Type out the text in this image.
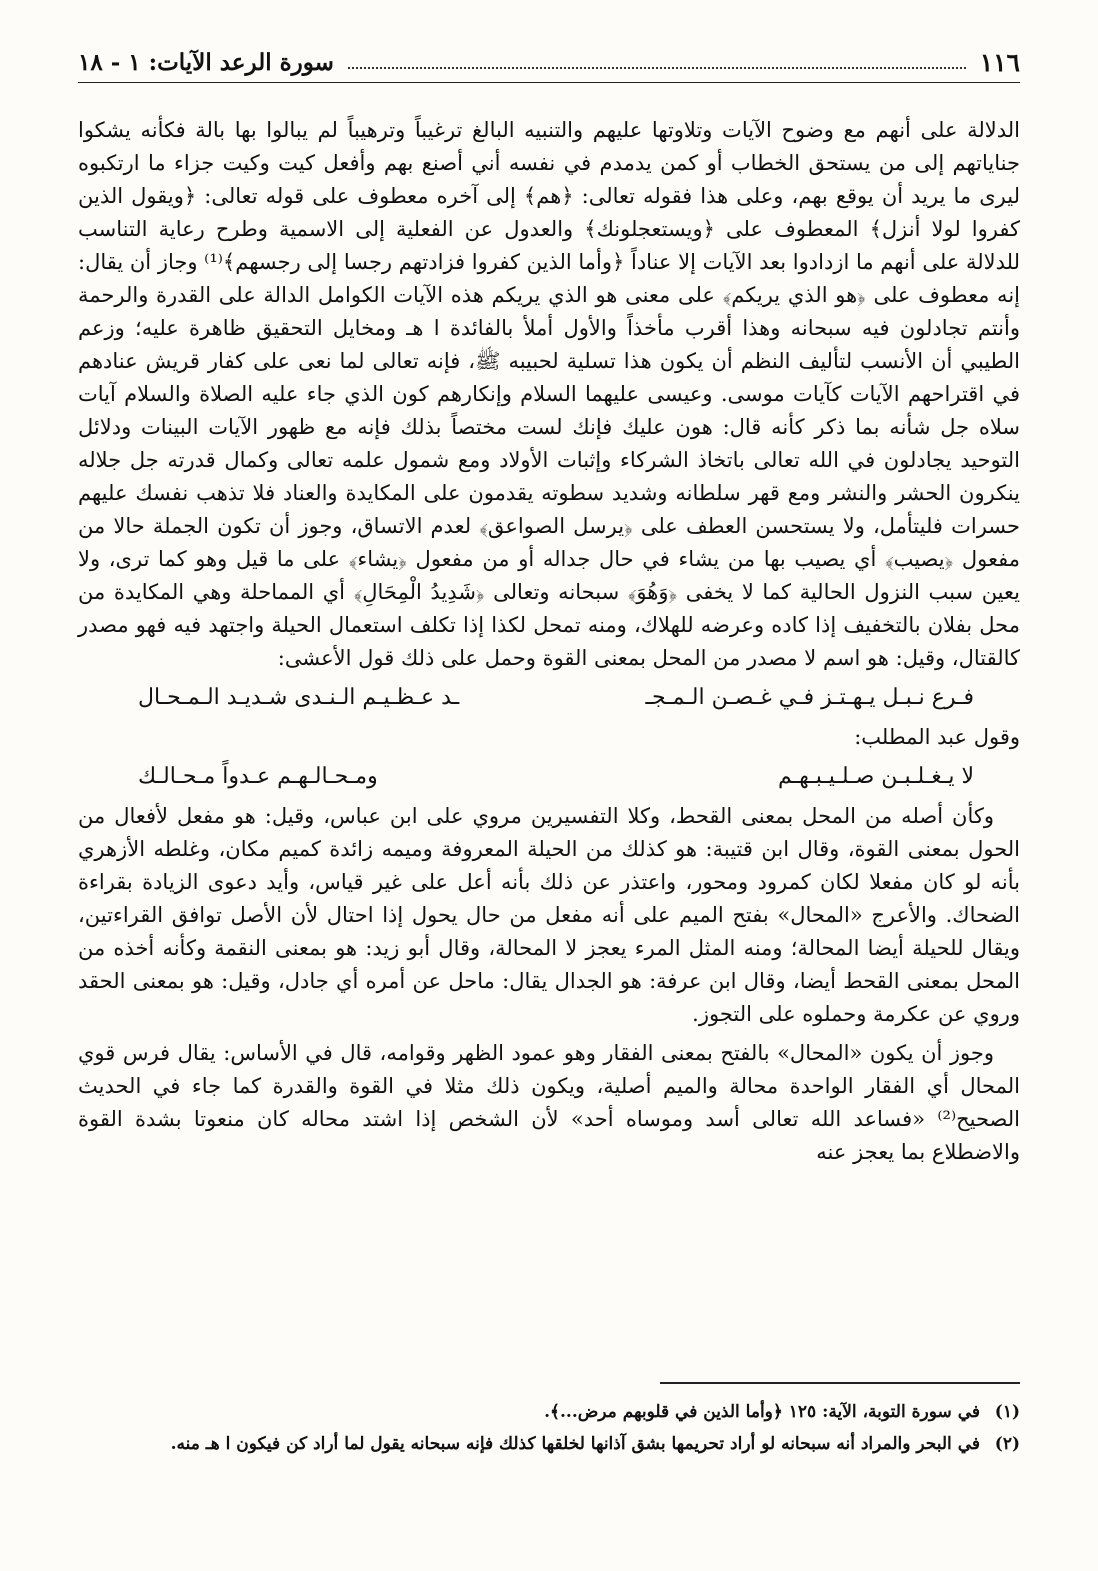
١١٦
سورة الرعد الآيات: ١ - ١٨

الدلالة على أنهم مع وضوح الآيات وتلاوتها عليهم والتنبيه البالغ ترغيباً وترهيباً لم يبالوا بها بالة فكأنه يشكوا جناياتهم إلى من يستحق الخطاب أو كمن يدمدم في نفسه أني أصنع بهم وأفعل كيت وكيت جزاء ما ارتكبوه ليرى ما يريد أن يوقع بهم، وعلى هذا فقوله تعالى: ﴿هم﴾ إلى آخره معطوف على قوله تعالى: ﴿ويقول الذين كفروا لولا أنزل﴾ المعطوف على ﴿ويستعجلونك﴾ والعدول عن الفعلية إلى الاسمية وطرح رعاية التناسب للدلالة على أنهم ما ازدادوا بعد الآيات إلا عناداً ﴿وأما الذين كفروا فزادتهم رجسا إلى رجسهم﴾⁽¹⁾ وجاز أن يقال: إنه معطوف على ﴿هو الذي يريكم﴾ على معنى هو الذي يريكم هذه الآيات الكوامل الدالة على القدرة والرحمة وأنتم تجادلون فيه سبحانه وهذا أقرب مأخذاً والأول أملأ بالفائدة ا هـ ومخايل التحقيق ظاهرة عليه؛ وزعم الطيبي أن الأنسب لتأليف النظم أن يكون هذا تسلية لحبيبه ﷺ، فإنه تعالى لما نعى على كفار قريش عنادهم في اقتراحهم الآيات كآيات موسى. وعيسى عليهما السلام وإنكارهم كون الذي جاء عليه الصلاة والسلام آيات سلاه جل شأنه بما ذكر كأنه قال: هون عليك فإنك لست مختصاً بذلك فإنه مع ظهور الآيات البينات ودلائل التوحيد يجادلون في الله تعالى باتخاذ الشركاء وإثبات الأولاد ومع شمول علمه تعالى وكمال قدرته جل جلاله ينكرون الحشر والنشر ومع قهر سلطانه وشديد سطوته يقدمون على المكايدة والعناد فلا تذهب نفسك عليهم حسرات فليتأمل، ولا يستحسن العطف على ﴿يرسل الصواعق﴾ لعدم الاتساق، وجوز أن تكون الجملة حالا من مفعول ﴿يصيب﴾ أي يصيب بها من يشاء في حال جداله أو من مفعول ﴿يشاء﴾ على ما قيل وهو كما ترى، ولا يعين سبب النزول الحالية كما لا يخفى ﴿وَهُوَ﴾ سبحانه وتعالى ﴿شَدِيدُ الْمِحَالِ﴾ أي المماحلة وهي المكايدة من محل بفلان بالتخفيف إذا كاده وعرضه للهلاك، ومنه تمحل لكذا إذا تكلف استعمال الحيلة واجتهد فيه فهو مصدر كالقتال، وقيل: هو اسم لا مصدر من المحل بمعنى القوة وحمل على ذلك قول الأعشى:

فـرع نـبـل يـهـتـز فـي غـصـن الـمـجـ
ـد عـظـيـم الـنـدى شـديـد الـمـحـال

وقول عبد المطلب:

لا يـغـلـبـن صـلـيـبـهـم
ومـحـالـهـم عـدواً مـحـالـك

وكأن أصله من المحل بمعنى القحط، وكلا التفسيرين مروي على ابن عباس، وقيل: هو مفعل لأفعال من الحول بمعنى القوة، وقال ابن قتيبة: هو كذلك من الحيلة المعروفة وميمه زائدة كميم مكان، وغلطه الأزهري بأنه لو كان مفعلا لكان كمرود ومحور، واعتذر عن ذلك بأنه أعل على غير قياس، وأيد دعوى الزيادة بقراءة الضحاك. والأعرج «المحال» بفتح الميم على أنه مفعل من حال يحول إذا احتال لأن الأصل توافق القراءتين، ويقال للحيلة أيضا المحالة؛ ومنه المثل المرء يعجز لا المحالة، وقال أبو زيد: هو بمعنى النقمة وكأنه أخذه من المحل بمعنى القحط أيضا، وقال ابن عرفة: هو الجدال يقال: ماحل عن أمره أي جادل، وقيل: هو بمعنى الحقد وروي عن عكرمة وحملوه على التجوز.

وجوز أن يكون «المحال» بالفتح بمعنى الفقار وهو عمود الظهر وقوامه، قال في الأساس: يقال فرس قوي المحال أي الفقار الواحدة محالة والميم أصلية، ويكون ذلك مثلا في القوة والقدرة كما جاء في الحديث الصحيح⁽²⁾ «فساعد الله تعالى أسد وموساه أحد» لأن الشخص إذا اشتد محاله كان منعوتا بشدة القوة والاضطلاع بما يعجز عنه

(١)
في سورة التوبة، الآية: ١٢٥ ﴿وأما الذين في قلوبهم مرض...﴾.

(٢)
في البحر والمراد أنه سبحانه لو أراد تحريمها بشق آذانها لخلقها كذلك فإنه سبحانه يقول لما أراد كن فيكون ا هـ منه.
